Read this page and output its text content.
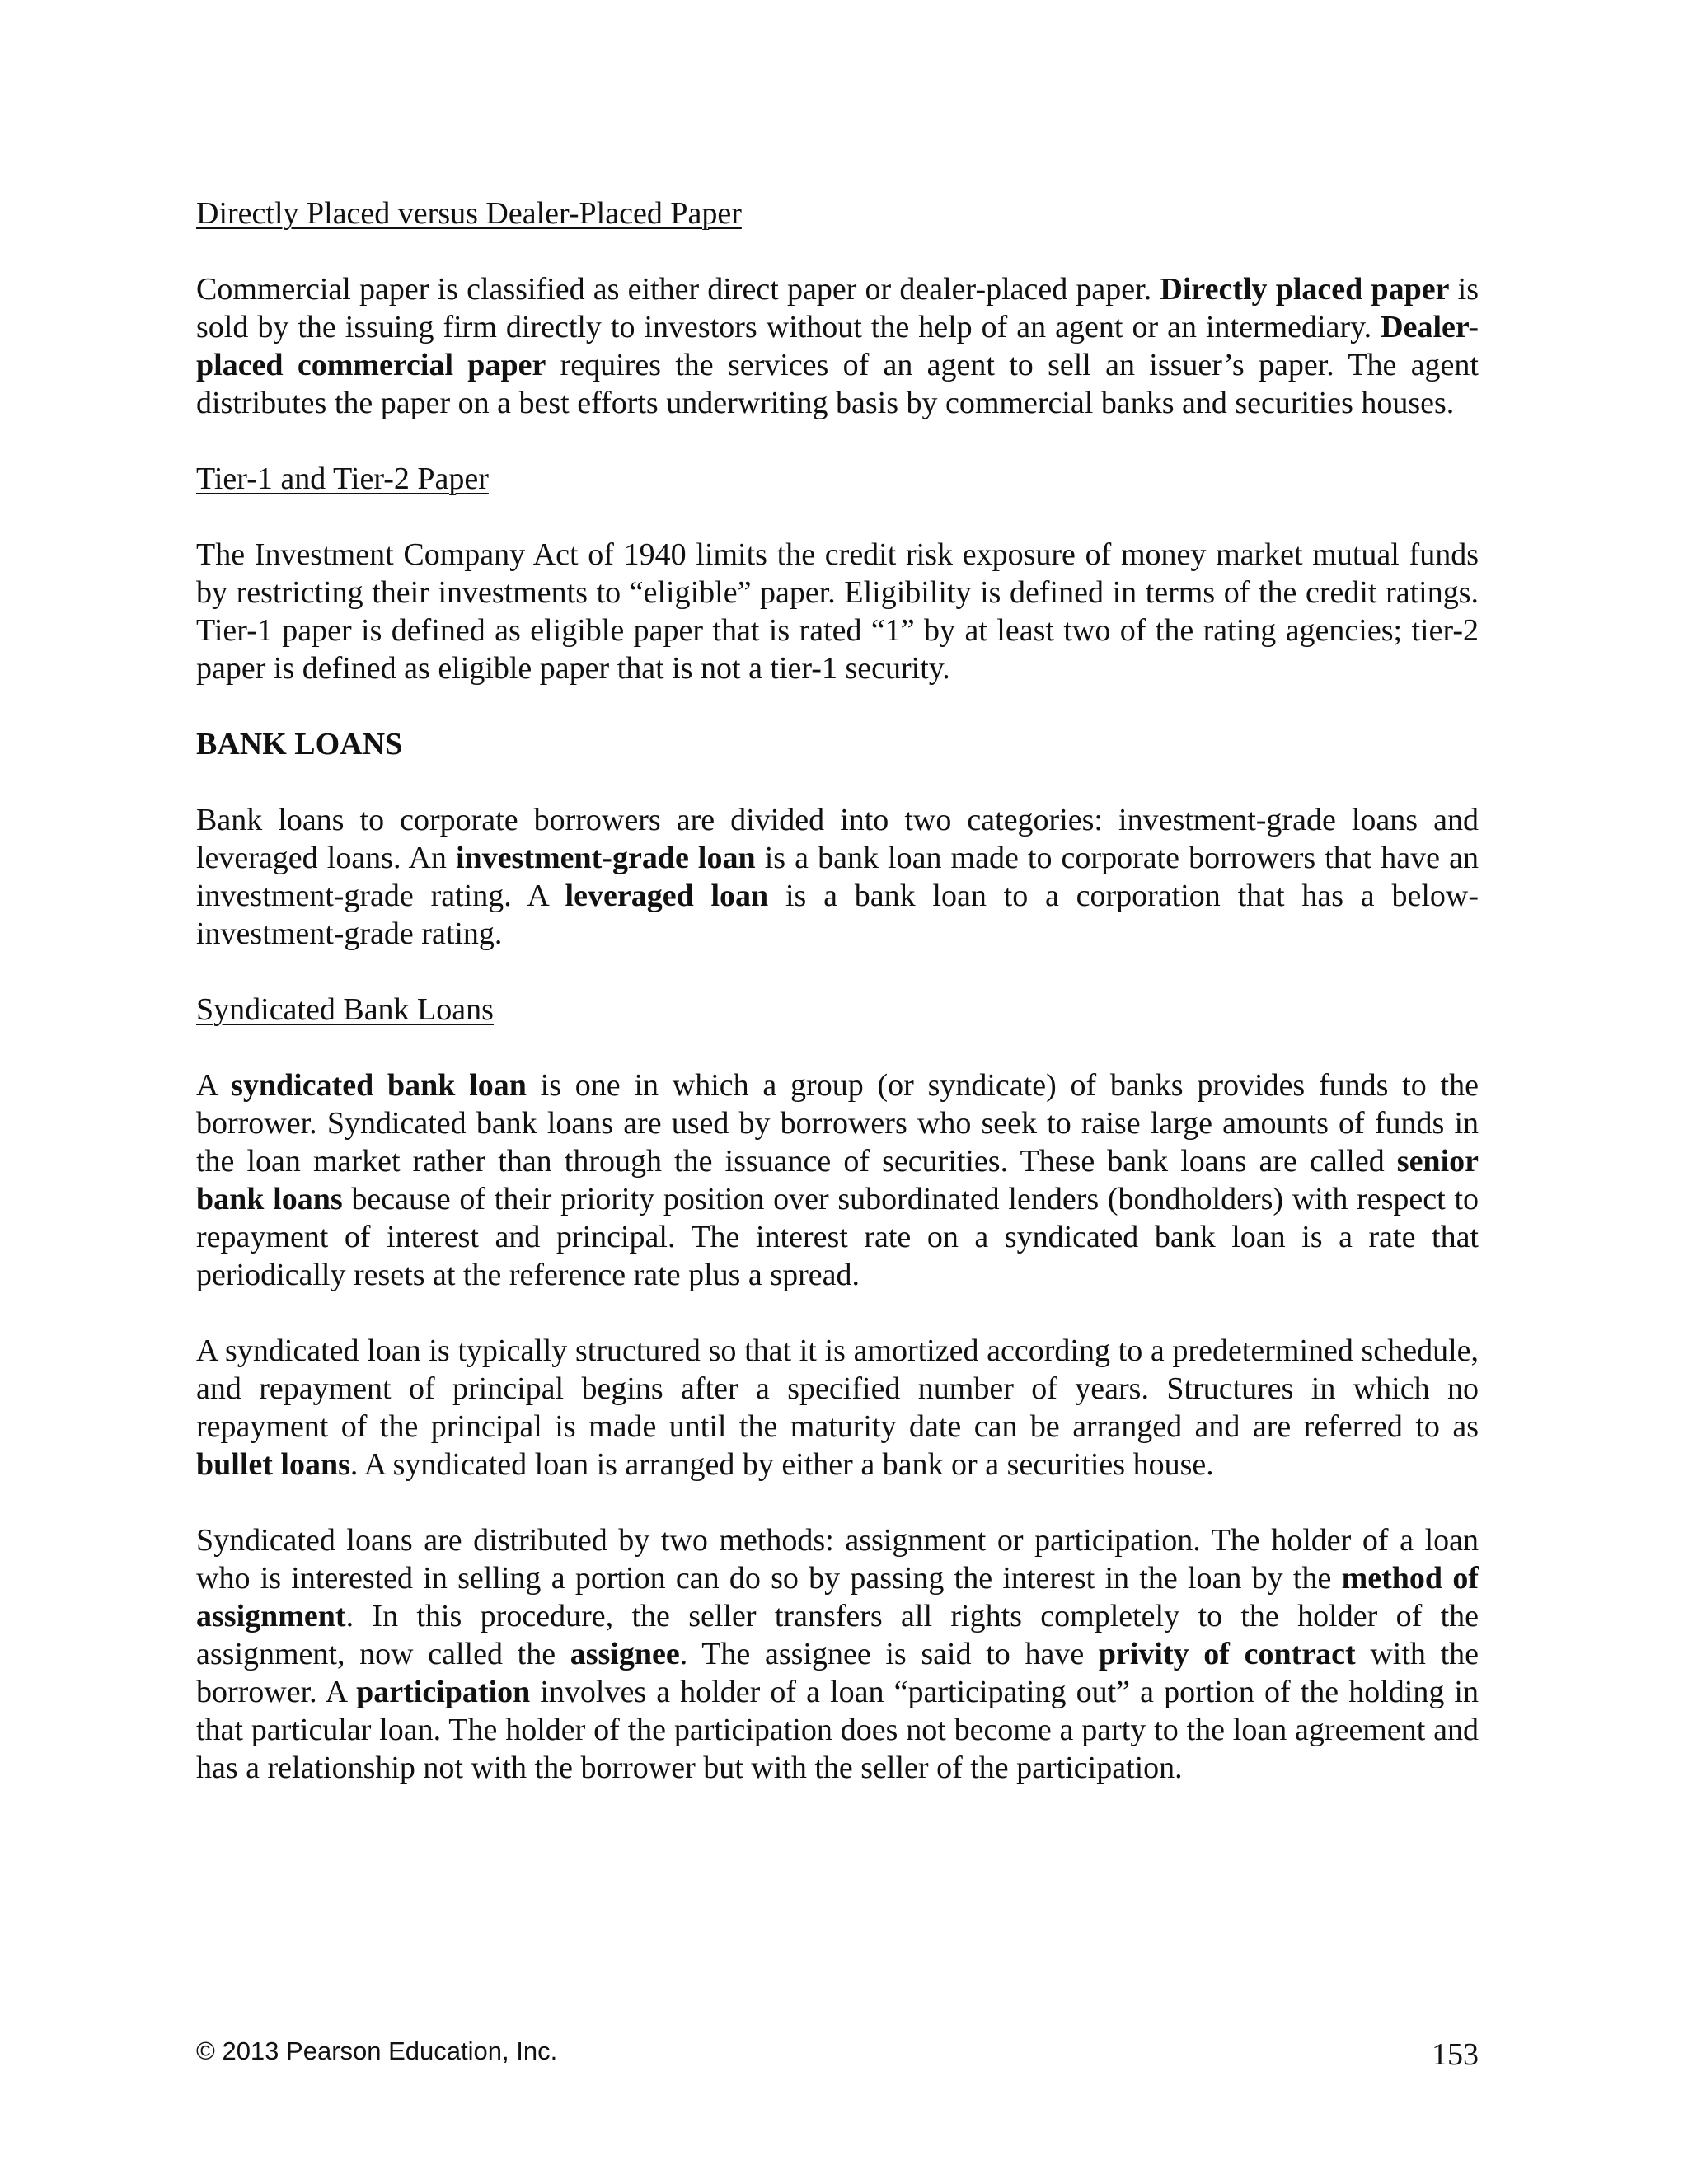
Directly Placed versus Dealer-Placed Paper

Commercial paper is classified as either direct paper or dealer-placed paper. Directly placed paper is sold by the issuing firm directly to investors without the help of an agent or an intermediary. Dealer-placed commercial paper requires the services of an agent to sell an issuer’s paper. The agent distributes the paper on a best efforts underwriting basis by commercial banks and securities houses.

Tier-1 and Tier-2 Paper

The Investment Company Act of 1940 limits the credit risk exposure of money market mutual funds by restricting their investments to “eligible” paper. Eligibility is defined in terms of the credit ratings. Tier-1 paper is defined as eligible paper that is rated “1” by at least two of the rating agencies; tier-2 paper is defined as eligible paper that is not a tier-1 security.

BANK LOANS

Bank loans to corporate borrowers are divided into two categories: investment-grade loans and leveraged loans. An investment-grade loan is a bank loan made to corporate borrowers that have an investment-grade rating. A leveraged loan is a bank loan to a corporation that has a below-investment-grade rating.

Syndicated Bank Loans

A syndicated bank loan is one in which a group (or syndicate) of banks provides funds to the borrower. Syndicated bank loans are used by borrowers who seek to raise large amounts of funds in the loan market rather than through the issuance of securities. These bank loans are called senior bank loans because of their priority position over subordinated lenders (bondholders) with respect to repayment of interest and principal. The interest rate on a syndicated bank loan is a rate that periodically resets at the reference rate plus a spread.

A syndicated loan is typically structured so that it is amortized according to a predetermined schedule, and repayment of principal begins after a specified number of years. Structures in which no repayment of the principal is made until the maturity date can be arranged and are referred to as bullet loans. A syndicated loan is arranged by either a bank or a securities house.

Syndicated loans are distributed by two methods: assignment or participation. The holder of a loan who is interested in selling a portion can do so by passing the interest in the loan by the method of assignment. In this procedure, the seller transfers all rights completely to the holder of the assignment, now called the assignee. The assignee is said to have privity of contract with the borrower. A participation involves a holder of a loan “participating out” a portion of the holding in that particular loan. The holder of the participation does not become a party to the loan agreement and has a relationship not with the borrower but with the seller of the participation.

© 2013 Pearson Education, Inc.	153
